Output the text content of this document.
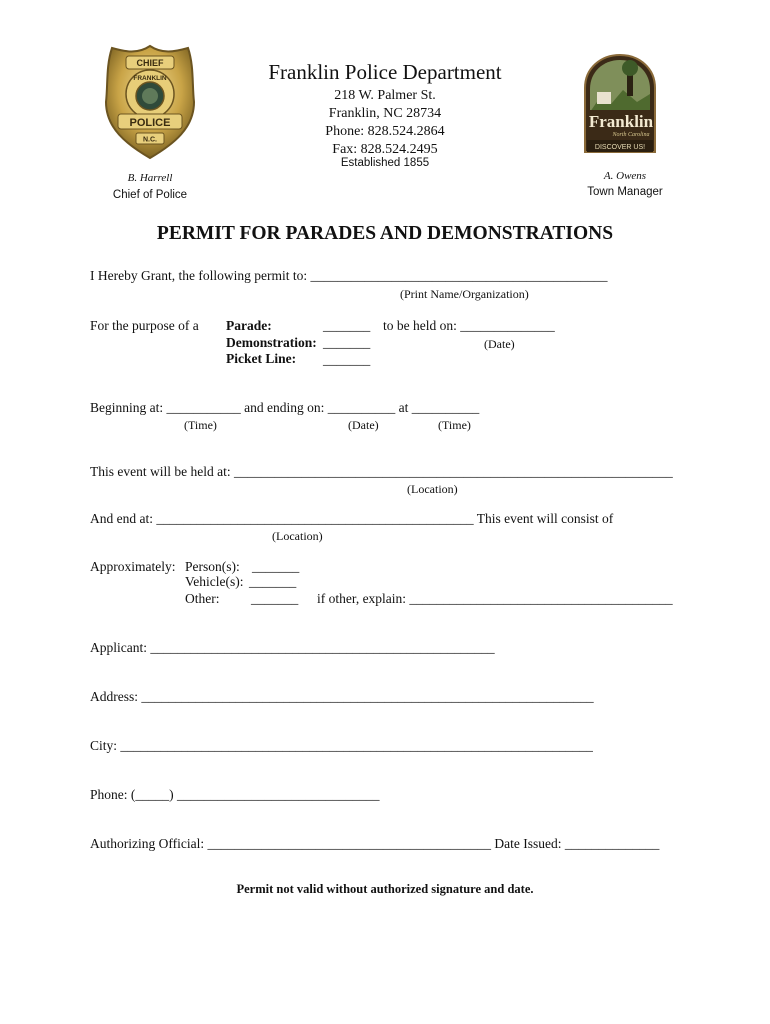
CHIEF
FRANKLIN
POLICE
N.C.
Franklin
North Carolina
DISCOVER US!
Franklin Police Department
218 W. Palmer St.
Franklin, NC 28734
Phone: 828.524.2864
Fax: 828.524.2495
Established 1855
B. Harrell
Chief of Police
A. Owens
Town Manager
PERMIT FOR PARADES AND DEMONSTRATIONS
I Hereby Grant, the following permit to: ____________________________________________
(Print Name/Organization)
For the purpose of a Parade:	_______ to be held on: ______________
(Date)
Demonstration: _______
Picket Line: _______
Beginning at: ___________ and ending on: __________ at __________
(Time)	(Date)	(Time)
This event will be held at: _________________________________________________________________
(Location)
And end at: _______________________________________________ This event will consist of
(Location)
Approximately: Person(s): _______
Vehicle(s): _______
Other: _______ if other, explain: _______________________________________
Applicant: ___________________________________________________
Address: ___________________________________________________________________
City: ______________________________________________________________________
Phone: (_____) ______________________________
Authorizing Official: __________________________________________ Date Issued: ______________
Permit not valid without authorized signature and date.
